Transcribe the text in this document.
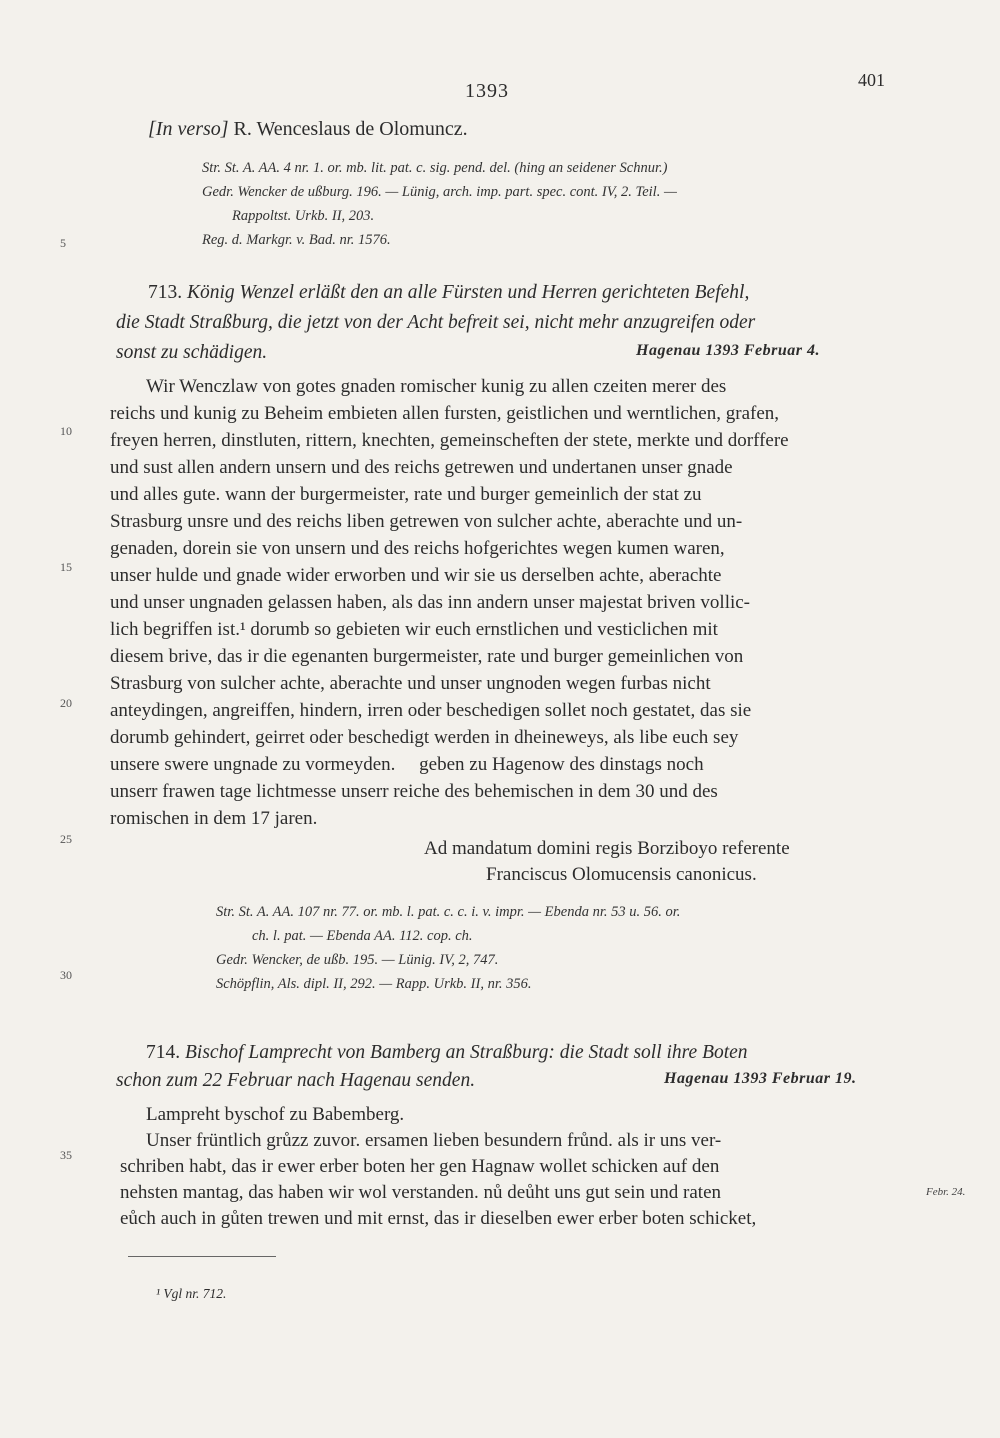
1393	401
[In verso] R. Wenceslaus de Olomuncz.
Str. St. A. AA. 4 nr. 1. or. mb. lit. pat. c. sig. pend. del. (hing an seidener Schnur.)
Gedr. Wencker de ußburg. 196. — Lünig, arch. imp. part. spec. cont. IV, 2. Teil. —
Rappoltst. Urkb. II, 203.
Reg. d. Markgr. v. Bad. nr. 1576.
5
10
15
20
25
30
35
713. König Wenzel erläßt den an alle Fürsten und Herren gerichteten Befehl,
die Stadt Straßburg, die jetzt von der Acht befreit sei, nicht mehr anzugreifen oder
sonst zu schädigen.	Hagenau 1393 Februar 4.
Wir Wenczlaw von gotes gnaden romischer kunig zu allen czeiten merer des
reichs und kunig zu Beheim embieten allen fursten, geistlichen und werntlichen, grafen,
freyen herren, dinstluten, rittern, knechten, gemeinscheften der stete, merkte und dorffere
und sust allen andern unsern und des reichs getrewen und undertanen unser gnade
und alles gute. wann der burgermeister, rate und burger gemeinlich der stat zu
Strasburg unsre und des reichs liben getrewen von sulcher achte, aberachte und un-
genaden, dorein sie von unsern und des reichs hofgerichtes wegen kumen waren,
unser hulde und gnade wider erworben und wir sie us derselben achte, aberachte
und unser ungnaden gelassen haben, als das inn andern unser majestat briven vollic-
lich begriffen ist.¹ dorumb so gebieten wir euch ernstlichen und vesticlichen mit
diesem brive, das ir die egenanten burgermeister, rate und burger gemeinlichen von
Strasburg von sulcher achte, aberachte und unser ungnoden wegen furbas nicht
anteydingen, angreiffen, hindern, irren oder beschedigen sollet noch gestatet, das sie
dorumb gehindert, geirret oder beschedigt werden in dheineweys, als libe euch sey
unsere swere ungnade zu vormeyden.     geben zu Hagenow des dinstags noch
unserr frawen tage lichtmesse unserr reiche des behemischen in dem 30 und des
romischen in dem 17 jaren.
Ad mandatum domini regis Borziboyo referente
Franciscus Olomucensis canonicus.
Str. St. A. AA. 107 nr. 77. or. mb. l. pat. c. c. i. v. impr. — Ebenda nr. 53 u. 56. or.
ch. l. pat. — Ebenda AA. 112. cop. ch.
Gedr. Wencker, de ußb. 195. — Lünig. IV, 2, 747.
Schöpflin, Als. dipl. II, 292. — Rapp. Urkb. II, nr. 356.
714. Bischof Lamprecht von Bamberg an Straßburg: die Stadt soll ihre Boten
schon zum 22 Februar nach Hagenau senden.	Hagenau 1393 Februar 19.
Lampreht byschof zu Babemberg.
Unser früntlich grůzz zuvor. ersamen lieben besundern frůnd. als ir uns ver-
schriben habt, das ir ewer erber boten her gen Hagnaw wollet schicken auf den
nehsten mantag, das haben wir wol verstanden. nů deůht uns gut sein und raten
eůch auch in gůten trewen und mit ernst, das ir dieselben ewer erber boten schicket,
Febr. 24.
¹ Vgl nr. 712.
